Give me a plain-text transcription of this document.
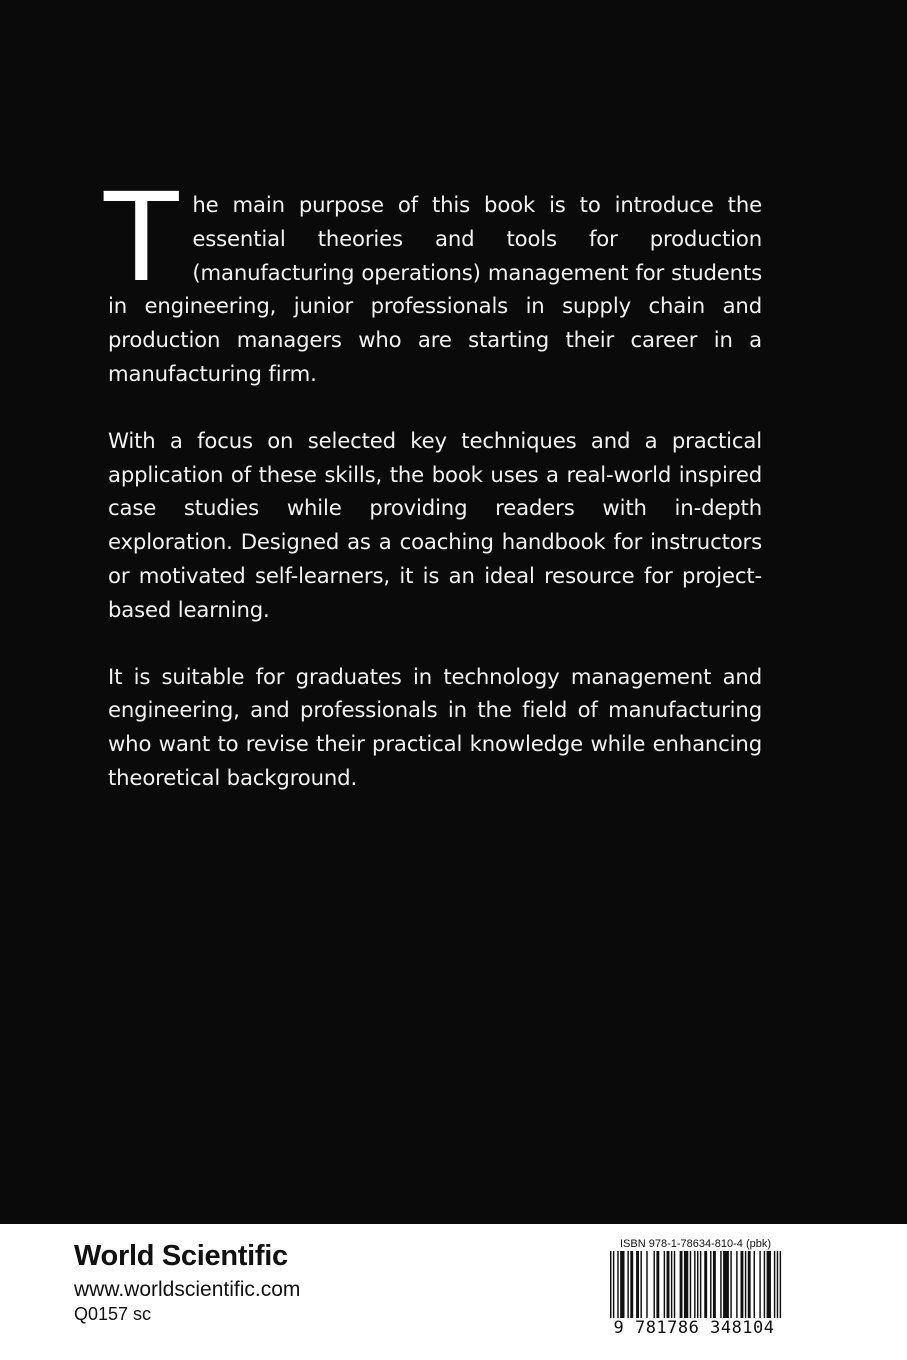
The main purpose of this book is to introduce the essential theories and tools for production (manufacturing operations) management for students in engineering, junior professionals in supply chain and production managers who are starting their career in a manufacturing firm.

With a focus on selected key techniques and a practical application of these skills, the book uses a real-world inspired case studies while providing readers with in-depth exploration. Designed as a coaching handbook for instructors or motivated self-learners, it is an ideal resource for project-based learning.

It is suitable for graduates in technology management and engineering, and professionals in the field of manufacturing who want to revise their practical knowledge while enhancing theoretical background.

World Scientific
www.worldscientific.com
Q0157 sc
ISBN 978-1-78634-810-4 (pbk)
9 781786 348104
